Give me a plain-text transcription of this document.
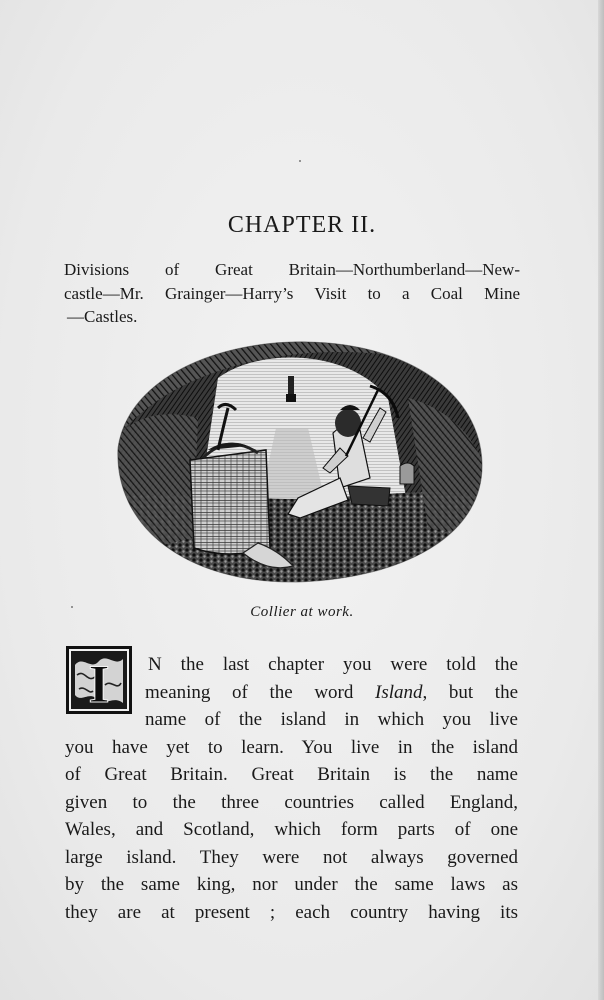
CHAPTER II.
Divisions of Great Britain—Northumberland—New-
castle—Mr. Grainger—Harry’s Visit to a Coal Mine
—Castles.
Collier at work.
I N the last chapter you were told the
meaning of the word Island, but the
name of the island in which you live
you have yet to learn. You live in the island
of Great Britain. Great Britain is the name
given to the three countries called England,
Wales, and Scotland, which form parts of one
large island. They were not always governed
by the same king, nor under the same laws as
they are at present ; each country having its
